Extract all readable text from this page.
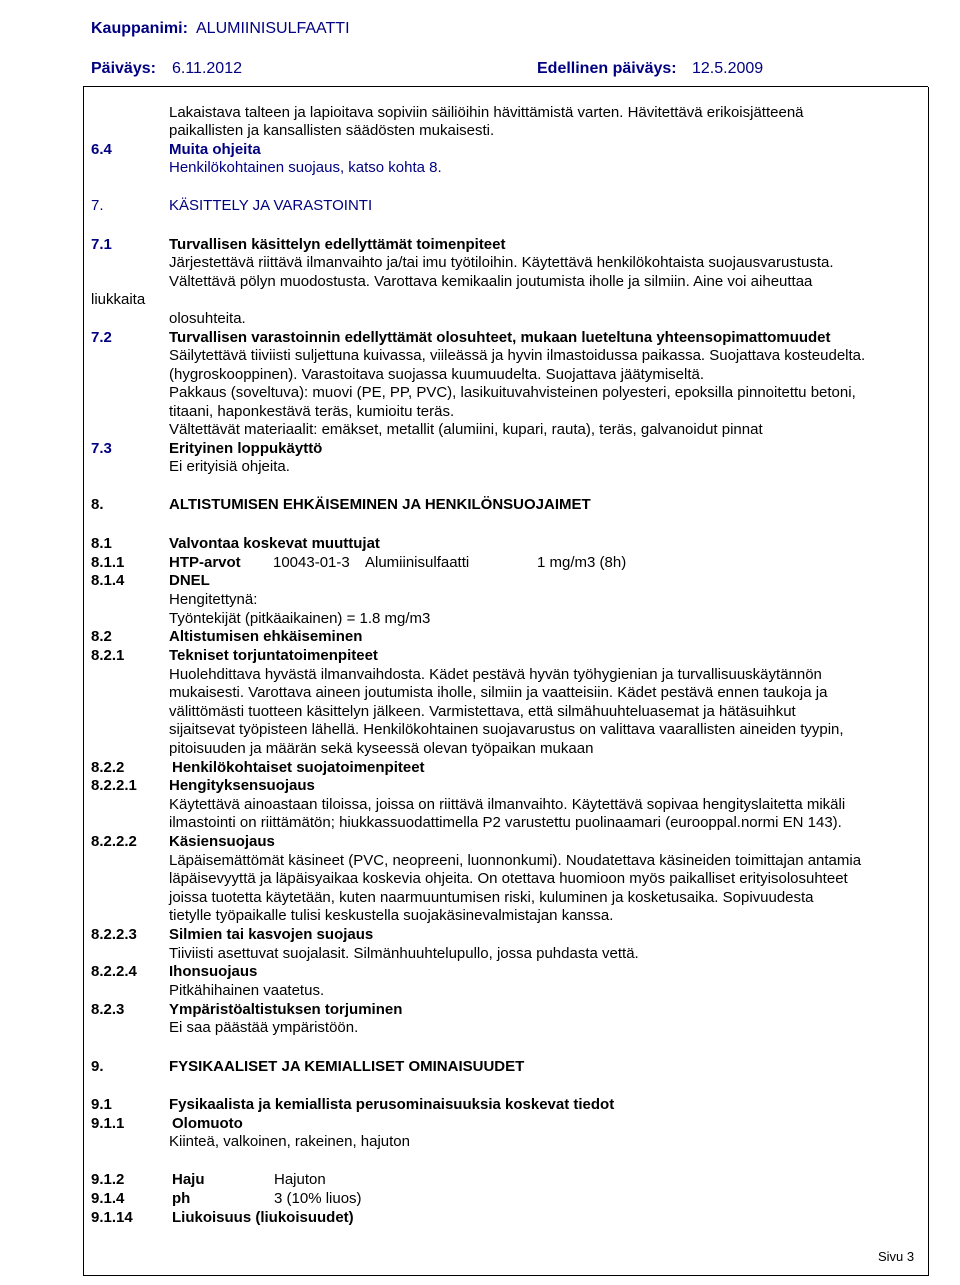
Kauppanimi: ALUMIINISULFAATTI
Päiväys: 6.11.2012	Edellinen päiväys: 12.5.2009
Lakaistava talteen ja lapioitava sopiviin säiliöihin hävittämistä varten. Hävitettävä erikoisjätteenä
paikallisten ja kansallisten säädösten mukaisesti.
6.4	Muita ohjeita
Henkilökohtainen suojaus, katso kohta 8.
7.	KÄSITTELY JA VARASTOINTI
7.1	Turvallisen käsittelyn edellyttämät toimenpiteet
Järjestettävä riittävä ilmanvaihto ja/tai imu työtiloihin. Käytettävä henkilökohtaista suojausvarustusta.
Vältettävä pölyn muodostusta. Varottava kemikaalin joutumista iholle ja silmiin. Aine voi aiheuttaa
liukkaita
olosuhteita.
7.2	Turvallisen varastoinnin edellyttämät olosuhteet, mukaan lueteltuna yhteensopimattomuudet
Säilytettävä tiiviisti suljettuna kuivassa, viileässä ja hyvin ilmastoidussa paikassa. Suojattava kosteudelta.
(hygroskooppinen). Varastoitava suojassa kuumuudelta. Suojattava jäätymiseltä.
Pakkaus (soveltuva): muovi (PE, PP, PVC), lasikuituvahvisteinen polyesteri, epoksilla pinnoitettu betoni,
titaani, haponkestävä teräs, kumioitu teräs.
Vältettävät materiaalit: emäkset, metallit (alumiini, kupari, rauta), teräs, galvanoidut pinnat
7.3	Erityinen loppukäyttö
Ei erityisiä ohjeita.
8.	ALTISTUMISEN EHKÄISEMINEN JA HENKILÖNSUOJAIMET
8.1	Valvontaa koskevat muuttujat
8.1.1	HTP-arvot 10043-01-3 Alumiinisulfaatti	1 mg/m3 (8h)
8.1.4	DNEL
Hengitettynä:
Työntekijät (pitkäaikainen) = 1.8 mg/m3
8.2	Altistumisen ehkäiseminen
8.2.1	Tekniset torjuntatoimenpiteet
Huolehdittava hyvästä ilmanvaihdosta. Kädet pestävä hyvän työhygienian ja turvallisuuskäytännön
mukaisesti. Varottava aineen joutumista iholle, silmiin ja vaatteisiin. Kädet pestävä ennen taukoja ja
välittömästi tuotteen käsittelyn jälkeen. Varmistettava, että silmähuuhteluasemat ja hätäsuihkut
sijaitsevat työpisteen lähellä. Henkilökohtainen suojavarustus on valittava vaarallisten aineiden tyypin,
pitoisuuden ja määrän sekä kyseessä olevan työpaikan mukaan
8.2.2	Henkilökohtaiset suojatoimenpiteet
8.2.2.1 Hengityksensuojaus
Käytettävä ainoastaan tiloissa, joissa on riittävä ilmanvaihto. Käytettävä sopivaa hengityslaitetta mikäli
ilmastointi on riittämätön; hiukkassuodattimella P2 varustettu puolinaamari (eurooppal.normi EN 143).
8.2.2.2 Käsiensuojaus
Läpäisemättömät käsineet (PVC, neopreeni, luonnonkumi). Noudatettava käsineiden toimittajan antamia
läpäisevyyttä ja läpäisyaikaa koskevia ohjeita. On otettava huomioon myös paikalliset erityisolosuhteet
joissa tuotetta käytetään, kuten naarmuuntumisen riski, kuluminen ja kosketusaika. Sopivuudesta
tietylle työpaikalle tulisi keskustella suojakäsinevalmistajan kanssa.
8.2.2.3 Silmien tai kasvojen suojaus
Tiiviisti asettuvat suojalasit. Silmänhuuhtelupullo, jossa puhdasta vettä.
8.2.2.4 Ihonsuojaus
Pitkähihainen vaatetus.
8.2.3	Ympäristöaltistuksen torjuminen
Ei saa päästää ympäristöön.
9.	FYSIKAALISET JA KEMIALLISET OMINAISUUDET
9.1	Fysikaalista ja kemiallista perusominaisuuksia koskevat tiedot
9.1.1	Olomuoto
Kiinteä, valkoinen, rakeinen, hajuton
9.1.2	Haju	Hajuton
9.1.4	ph	3 (10% liuos)
9.1.14	Liukoisuus (liukoisuudet)
Sivu 3
